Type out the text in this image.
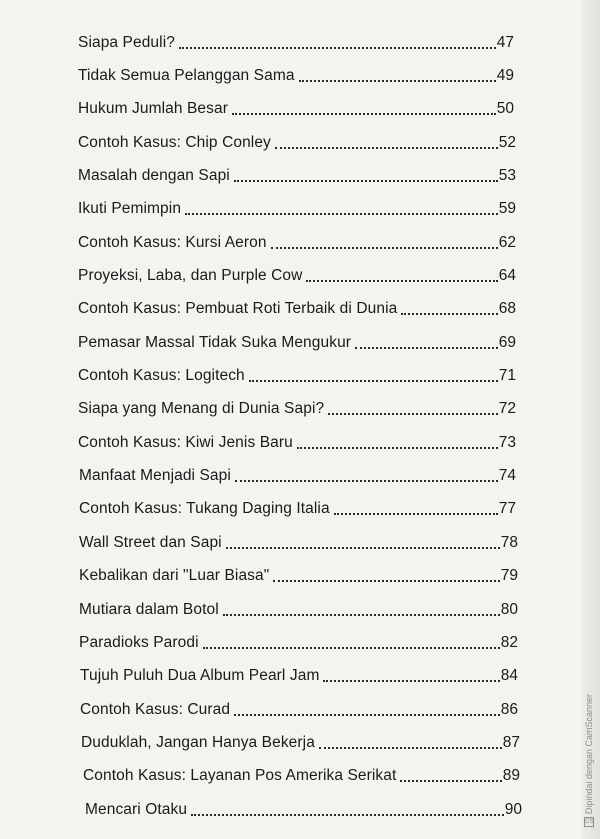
Siapa Peduli?	47
Tidak Semua Pelanggan Sama	49
Hukum Jumlah Besar	50
Contoh Kasus: Chip Conley	52
Masalah dengan Sapi	53
Ikuti Pemimpin	59
Contoh Kasus: Kursi Aeron	62
Proyeksi, Laba, dan Purple Cow	64
Contoh Kasus: Pembuat Roti Terbaik di Dunia	68
Pemasar Massal Tidak Suka Mengukur	69
Contoh Kasus: Logitech	71
Siapa yang Menang di Dunia Sapi?	72
Contoh Kasus: Kiwi Jenis Baru	73
Manfaat Menjadi Sapi	74
Contoh Kasus: Tukang Daging Italia	77
Wall Street dan Sapi	78
Kebalikan dari "Luar Biasa"	79
Mutiara dalam Botol	80
Paradioks Parodi	82
Tujuh Puluh Dua Album Pearl Jam	84
Contoh Kasus: Curad	86
Duduklah, Jangan Hanya Bekerja	87
Contoh Kasus: Layanan Pos Amerika Serikat	89
Mencari Otaku	90
CS
Dipindai dengan CamScanner
